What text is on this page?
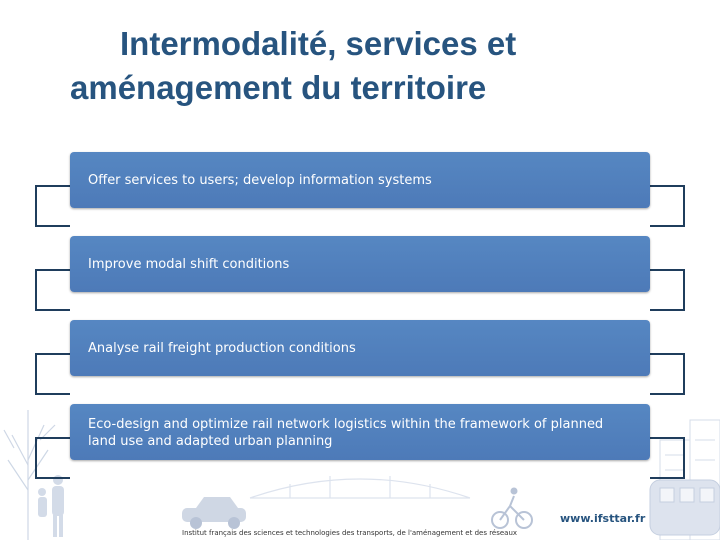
Intermodalité, services et
aménagement du territoire
Offer services to users; develop information systems
Improve modal shift conditions
Analyse rail freight production conditions
Eco-design and optimize rail network logistics within the framework of planned land use and adapted urban planning
www.ifsttar.fr
Institut français des sciences et technologies des transports, de l'aménagement et des réseaux
